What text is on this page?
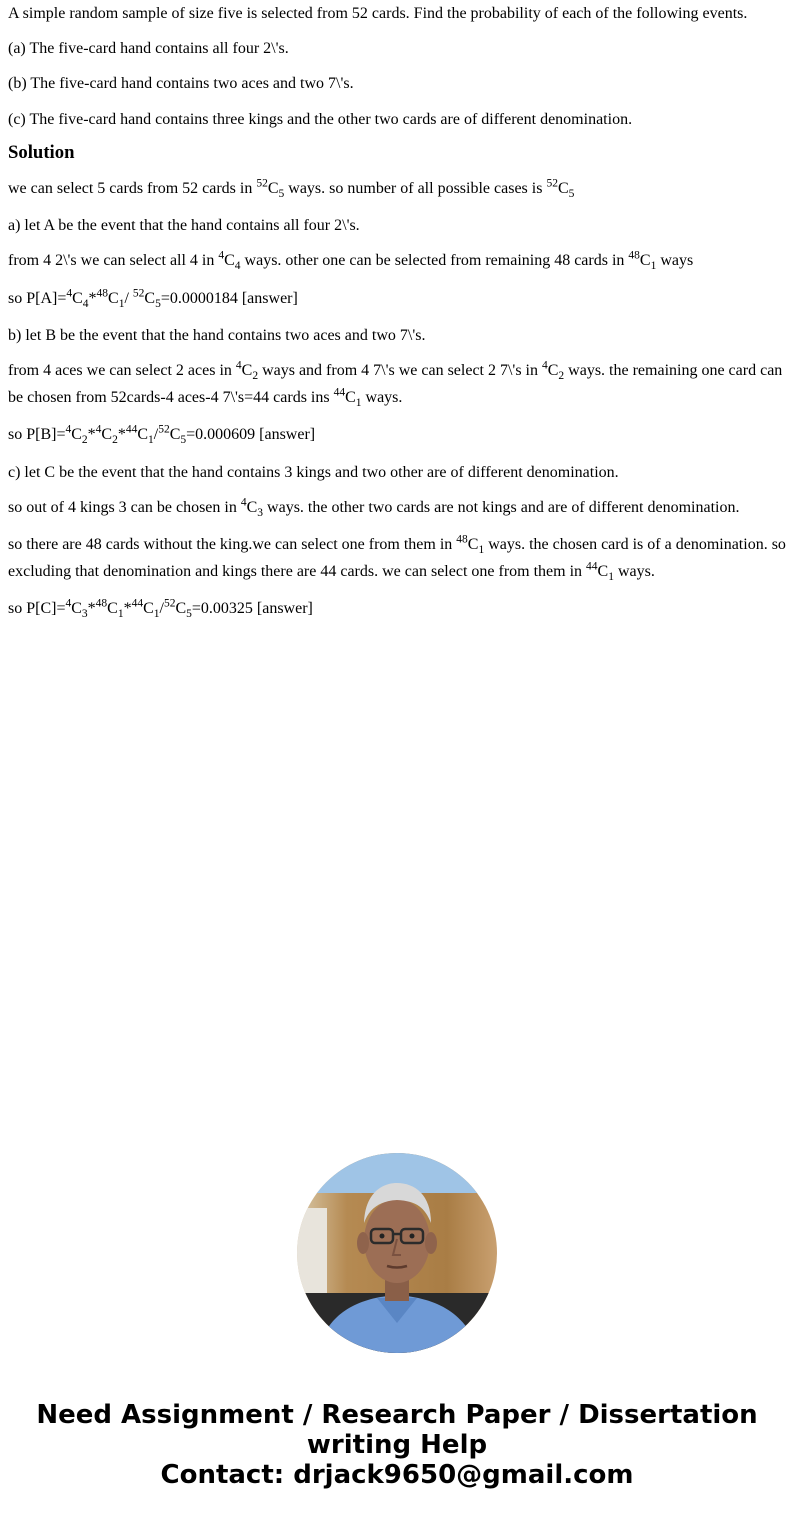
A simple random sample of size five is selected from 52 cards. Find the probability of each of the following events.

(a) The five-card hand contains all four 2\'s.

(b) The five-card hand contains two aces and two 7\'s.

(c) The five-card hand contains three kings and the other two cards are of different denomination.

Solution

we can select 5 cards from 52 cards in $^{52}C_5$ ways. so number of all possible cases is $^{52}C_5$

a) let A be the event that the hand contains all four 2\'s.

from 4 2\'s we can select all 4 in $^4C_4$ ways. other one can be selected from remaining 48 cards in $^{48}C_1$ ways

so $P[A]=^4C_4*^{48}C_1/$ $^{52}C_5=0.0000184$ [answer]

b) let B be the event that the hand contains two aces and two 7\'s.

from 4 aces we can select 2 aces in $^4C_2$ ways and from 4 7\'s we can select 2 7\'s in $^4C_2$ ways. the remaining one card can be chosen from 52cards-4 aces-4 7\'s=44 cards ins $^{44}C_1$ ways.

so $P[B]=^4C_2*^4C_2*^{44}C_1/^{52}C_5=0.000609$ [answer]

c) let C be the event that the hand contains 3 kings and two other are of different denomination.

so out of 4 kings 3 can be chosen in $^4C_3$ ways. the other two cards are not kings and are of different denomination.

so there are 48 cards without the king.we can select one from them in $^{48}C_1$ ways. the chosen card is of a denomination. so excluding that denomination and kings there are 44 cards. we can select one from them in $^{44}C_1$ ways.

so $P[C]=^4C_3*^{48}C_1*^{44}C_1/^{52}C_5=0.00325$ [answer]

Need Assignment / Research Paper / Dissertation
writing Help
Contact: drjack9650@gmail.com
